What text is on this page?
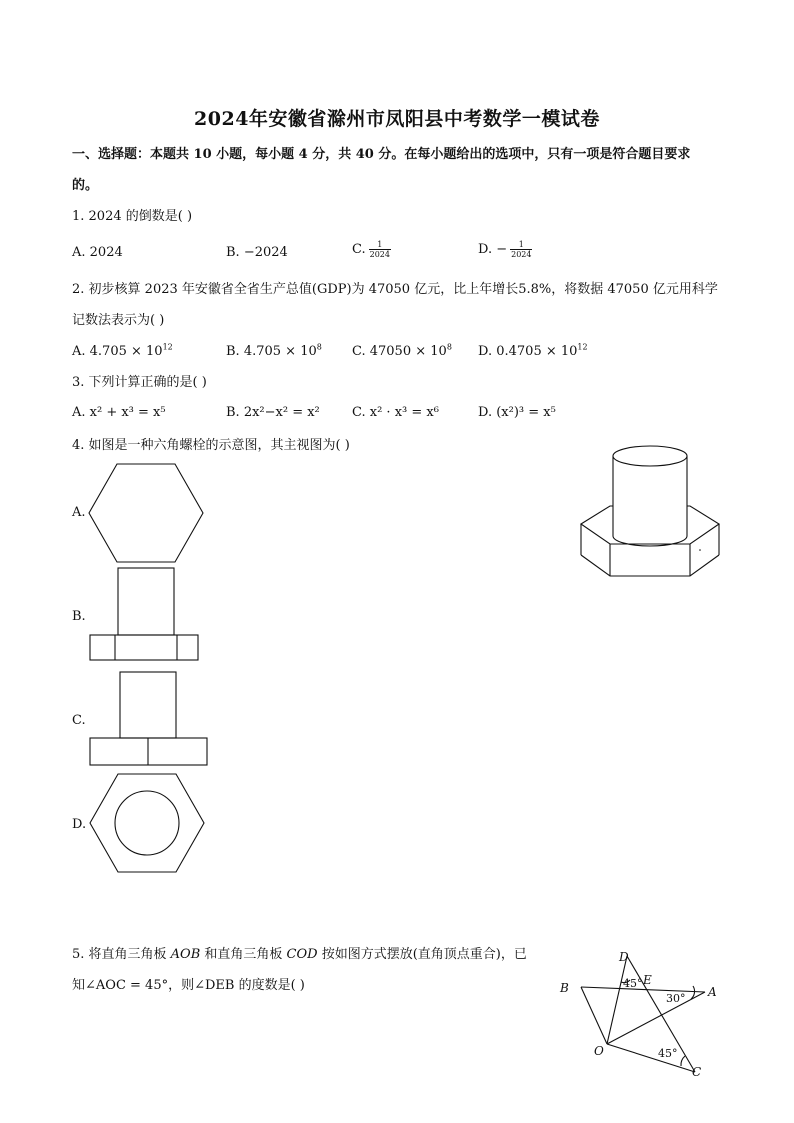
2024年安徽省滁州市凤阳县中考数学一模试卷
一、选择题：本题共 10 小题，每小题 4 分，共 40 分。在每小题给出的选项中，只有一项是符合题目要求
的。
1. 2024 的倒数是( )
A. 2024	B. −2024	C. $\frac{1}{2024}$	D. − $\frac{1}{2024}$
2. 初步核算 2023 年安徽省全省生产总值(GDP)为 47050 亿元，比上年增长5.8%，将数据 47050 亿元用科学
记数法表示为( )
A. $4.705 \times 10^{12}$	B. $4.705 \times 10^8$ C. $47050 \times 10^8$ D. $0.4705 \times 10^{12}$
3. 下列计算正确的是( )
A. x² + x³ = x⁵	B. 2x²−x² = x² C. x² · x³ = x⁶	D. (x²)³ = x⁵
4. 如图是一种六角螺栓的示意图，其主视图为( )
A.
B.
C.
D.
5. 将直角三角板 AOB 和直角三角板 COD 按如图方式摆放(直角顶点重合)，已
知∠AOC = 45°，则∠DEB 的度数是( )
D
E
B	A
O
C
45°
30°
45°
